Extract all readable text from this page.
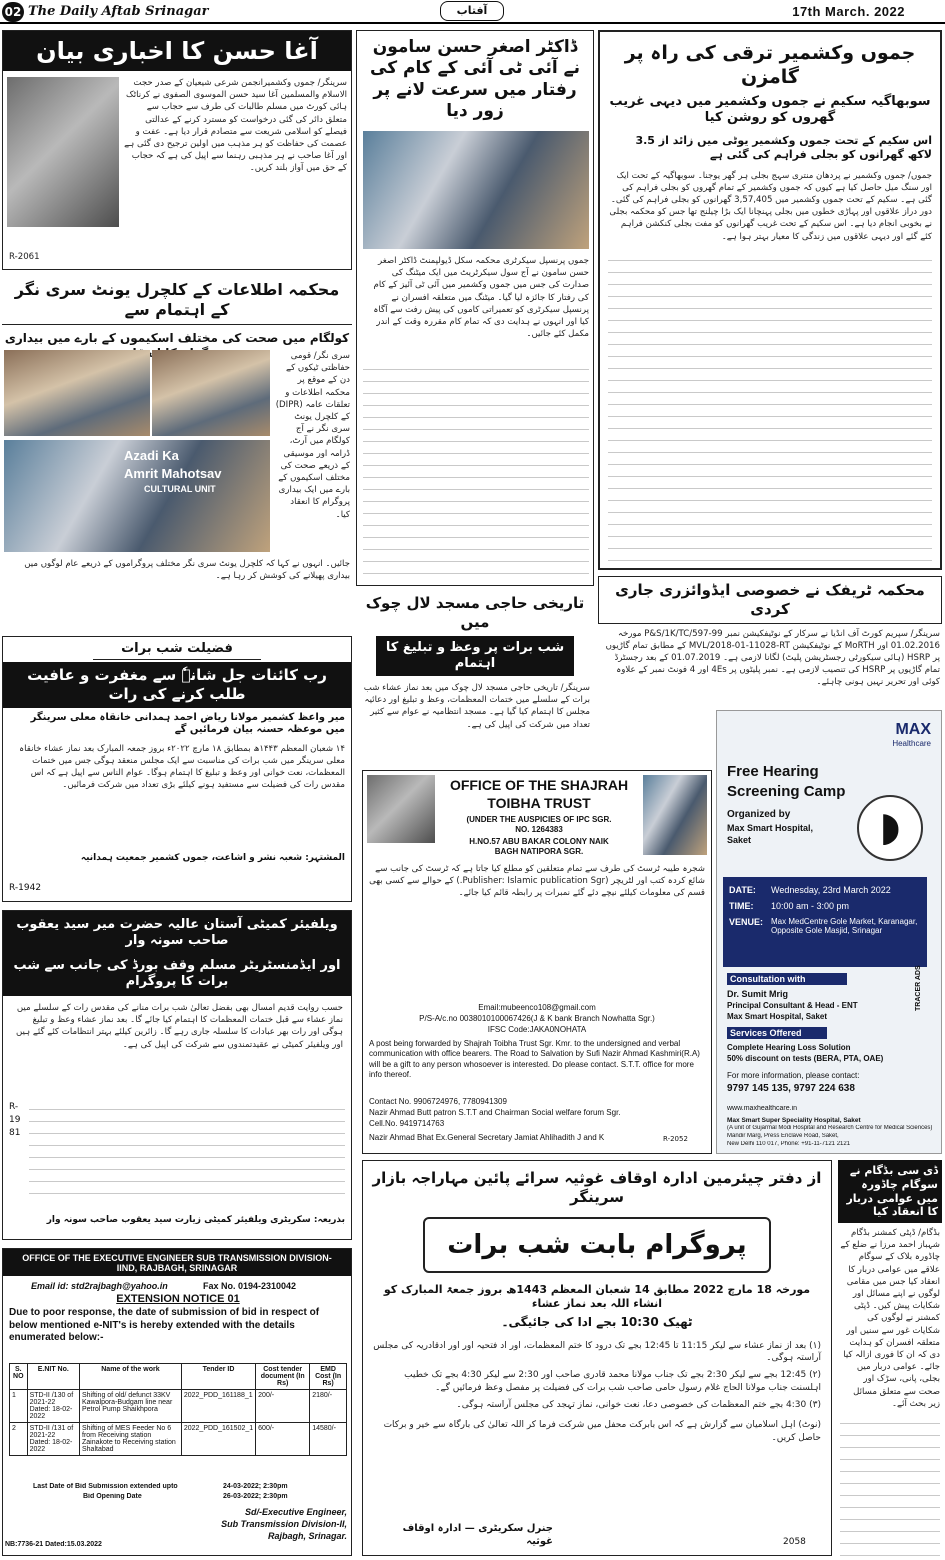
02 The Daily Aftab Srinagar	آفتاب	17th March. 2022
آغا حسن کا اخباری بیان
سرینگر/ جموں وکشمیرانجمن شرعی شیعیان کے صدر حجت الاسلام والمسلمین آغا سید حسن الموسوی الصفوی نے کرناٹک ہائی کورٹ میں مسلم طالبات کی طرف سے حجاب سے متعلق دائر کی گئی درخواست کو مسترد کرنے کے عدالتی فیصلے کو اسلامی شریعت سے متصادم قرار دیا ہے۔ عفت و عصمت کی حفاظت کو ہر مذہب میں اولین ترجیح دی گئی ہے اور آغا صاحب نے ہر مذہبی رہنما سے اپیل کی ہے کہ حجاب کے حق میں آواز بلند کریں۔
R-2061
ڈاکٹر اصغر حسن سامون نے آئی ٹی آئی کے کام کی رفتار میں سرعت لانے پر زور دیا
جموں پرنسپل سیکرٹری محکمہ سکل ڈیولپمنٹ ڈاکٹر اصغر حسن سامون نے آج سول سیکرٹریٹ میں ایک میٹنگ کی صدارت کی جس میں جموں وکشمیر میں آئی ٹی آئیز کے کام کی رفتار کا جائزہ لیا گیا۔ میٹنگ میں متعلقہ افسران نے پرنسپل سیکرٹری کو تعمیراتی کاموں کی پیش رفت سے آگاہ کیا اور انہوں نے ہدایت دی کہ تمام کام مقررہ وقت کے اندر مکمل کئے جائیں۔
جموں وکشمیر ترقی کی راہ پر گامزن
سوبھاگیہ سکیم نے جموں وکشمیر میں دیہی غریب گھروں کو روشن کیا
اس سکیم کے تحت جموں وکشمیر یوٹی میں زائد از 3.5 لاکھ گھرانوں کو بجلی فراہم کی گئی ہے
جموں/ جموں وکشمیر نے پردھان منتری سہج بجلی ہر گھر یوجنا۔ سوبھاگیہ کے تحت ایک اور سنگ میل حاصل کیا ہے کیوں کہ جموں وکشمیر کے تمام گھروں کو بجلی فراہم کی گئی ہے۔ سکیم کے تحت جموں وکشمیر میں 3,57,405 گھرانوں کو بجلی فراہم کی گئی۔ دور دراز علاقوں اور پہاڑی خطوں میں بجلی پہنچانا ایک بڑا چیلنج تھا جس کو محکمہ بجلی نے بخوبی انجام دیا ہے۔ اس سکیم کے تحت غریب گھرانوں کو مفت بجلی کنکشن فراہم کئے گئے اور دیہی علاقوں میں زندگی کا معیار بہتر ہوا ہے۔
محکمہ اطلاعات کے کلچرل یونٹ سری نگر کے اہتمام سے
کولگام میں صحت کی مختلف اسکیموں کے بارے میں بیداری
Azadi Ka
Amrit Mahotsav
CULTURAL UNIT
سری نگر/ قومی حفاظتی ٹیکوں کے دن کے موقع پر محکمہ اطلاعات و تعلقات عامہ (DIPR) کے کلچرل یونٹ سری نگر نے آج کولگام میں آرٹ، ڈرامہ اور موسیقی کے ذریعے صحت کی مختلف اسکیموں کے بارے میں ایک بیداری پروگرام کا انعقاد کیا۔
جائیں۔ انہوں نے کہا کہ کلچرل یونٹ سری نگر مختلف پروگراموں کے ذریعے عام لوگوں میں بیداری پھیلانے کی کوشش کر رہا ہے۔
محکمہ ٹریفک نے خصوصی ایڈوائزری جاری کردی
سرینگر/ سپریم کورٹ آف انڈیا نے سرکار کے نوٹیفکیشن نمبر 99-597/P&S/1K/TC مورخہ 01.02.2016 اور MoRTH کے نوٹیفکیشن MVL/2018-01-11028-RT کے مطابق تمام گاڑیوں پر HSRP (ہائی سیکورٹی رجسٹریشن پلیٹ) لگانا لازمی ہے۔ 01.07.2019 کے بعد رجسٹرڈ تمام گاڑیوں پر HSRP کی تنصیب لازمی ہے۔ نمبر پلیٹوں پر 4Es اور 4 فونٹ نمبر کے علاوہ کوئی اور تحریر نہیں ہونی چاہئے۔
تاریخی حاجی مسجد لال چوک میں
شب برات پر وعظ و تبلیغ کا اہتمام
سرینگر/ تاریخی حاجی مسجد لال چوک میں بعد نماز عشاء شب برات کے سلسلے میں ختمات المعظمات، وعظ و تبلیغ اور دعائیہ مجلس کا اہتمام کیا گیا ہے۔ مسجد انتظامیہ نے عوام سے کثیر تعداد میں شرکت کی اپیل کی ہے۔
فضیلت شب برات
رب کائنات جل شانہٗ سے مغفرت و عافیت طلب کرنے کی رات
میر واعظ کشمیر مولانا ریاض احمد ہمدانی خانقاہ معلی سرینگر میں موعظہ حسنہ بیان فرمائیں گے
۱۴ شعبان المعظم ۱۴۴۳ھ بمطابق ۱۸ مارچ ۲۰۲۲ء بروز جمعہ المبارک بعد نماز عشاء خانقاہ معلی سرینگر میں شب برات کی مناسبت سے ایک مجلس منعقد ہوگی جس میں ختمات المعظمات، نعت خوانی اور وعظ و تبلیغ کا اہتمام ہوگا۔ عوام الناس سے اپیل ہے کہ اس مقدس رات کی فضیلت سے مستفید ہونے کیلئے بڑی تعداد میں شرکت فرمائیں۔
المشتہر: شعبہ نشر و اشاعت، جموں کشمیر جمعیت ہمدانیہ
R-1942
MAX
Healthcare
Free Hearing
Screening Camp
Organized by
Max Smart Hospital,
Saket	◗
DATE:	Wednesday, 23rd March 2022
TIME:	10:00 am - 3:00 pm
VENUE: Max MedCentre Gole Market, Karanagar, Opposite Gole Masjid, Srinagar
Consultation with
Dr. Sumit Mrig
Principal Consultant & Head - ENT
Max Smart Hospital, Saket
Services Offered
Complete Hearing Loss Solution
50% discount on tests (BERA, PTA, OAE)
For more information, please contact:
9797 145 135, 9797 224 638
www.maxhealthcare.in
Max Smart Super Speciality Hospital, Saket
(A unit of Gujarmal Modi Hospital and Research Centre for Medical Sciences)
Mandir Marg, Press Enclave Road, Saket,
New Delhi 110 017, Phone: +91-11-7121 2121
TRACER ADS
OFFICE OF THE SHAJRAH
TOIBHA TRUST
(UNDER THE AUSPICIES OF IPC SGR.
NO. 1264383
H.NO.57 ABU BAKAR COLONY NAIK
BAGH NATIPORA SGR.
شجرہ طیبہ ٹرسٹ کی طرف سے تمام متعلقین کو مطلع کیا جاتا ہے کہ ٹرسٹ کی جانب سے شائع کردہ کتب اور لٹریچر (Publisher: Islamic publication Sgr.) کے حوالے سے کسی بھی قسم کی معلومات کیلئے نیچے دئے گئے نمبرات پر رابطہ قائم کیا جائے۔
Email:mubeenco108@gmail.com
P/S-A/c.no 0038010100067426(J & K bank Branch Nowhatta Sgr.)
IFSC Code:JAKA0NOHATA
A post being forwarded by Shajrah Toibha Trust Sgr. Kmr. to the undersigned and verbal communication with office bearers. The Road to Salvation by Sufi Nazir Ahmad Kashmiri(R.A) will be a gift to any person whosoever is interested. Do please contact. S.T.T. office for more info thereof.
Contact No. 9906724976, 7780941309
Nazir Ahmad Butt patron S.T.T and Chairman Social welfare forum Sgr.
Cell.No. 9419714763
Nazir Ahmad Bhat Ex.General Secretary Jamiat Ahlihadith J and K	R-2052
ویلفیئر کمیٹی آستان عالیہ حضرت میر سید یعقوب صاحب سونہ وار
اور ایڈمنسٹریٹر مسلم وقف بورڈ کی جانب سے شب برات کا پروگرام
حسب روایت قدیم امسال بھی بفضل تعالیٰ شب برات منانے کی مقدس رات کے سلسلے میں نماز عشاء سے قبل ختمات المعظمات کا اہتمام کیا جائے گا۔ بعد نماز عشاء وعظ و تبلیغ ہوگی اور رات بھر عبادات کا سلسلہ جاری رہے گا۔ زائرین کیلئے بہتر انتظامات کئے گئے ہیں اور ویلفیئر کمیٹی نے عقیدتمندوں سے شرکت کی اپیل کی ہے۔
بذریعہ: سکریٹری ویلفیئر کمیٹی زیارت سید یعقوب صاحب سونہ وار
R-1981
OFFICE OF THE EXECUTIVE ENGINEER SUB TRANSMISSION DIVISION-
IIND, RAJBAGH, SRINAGAR
Email id: std2rajbagh@yahoo.in	Fax No. 0194-2310042
EXTENSION NOTICE 01
Due to poor response, the date of submission of bid in respect of below mentioned e-NIT's is hereby extended with the details enumerated below:-
S. NO	E.NIT No.	Name of the work	Tender ID	Cost tender document (In Rs)	EMD Cost (In Rs)
1	STD-II /130 of 2021-22 Dated: 18-02-2022	Shifting of old/ defunct 33KV Kawalpora-Budgam line near Petrol Pump Shaikhpora	2022_PDD_161188_1	200/-	2180/-
2	STD-II /131 of 2021-22 Dated: 18-02-2022	Shifting of MES Feeder No 6 from Receiving station Zainakote to Receiving station Shaltabad	2022_PDD_161502_1	600/-	14580/-
Last Date of Bid Submission extended upto	24-03-2022; 2:30pm
Bid Opening Date	26-03-2022; 2:30pm
Sd/-Executive Engineer,
Sub Transmission Division-II,
Rajbagh, Srinagar.
NB:7736-21 Dated:15.03.2022
از دفتر چیئرمین ادارہ اوقاف غوثیہ سرائے پائین مہاراجہ بازار سرینگر
پروگرام بابت شب برات
مورخہ 18 مارچ 2022 مطابق 14 شعبان المعظم 1443ھ بروز جمعۃ المبارک کو انشاء اللہ بعد نماز عشاء
ٹھیک 10:30 بجے ادا کی جائیگی۔
(۱) بعد از نماز عشاء سے لیکر 11:15 تا 12:45 بجے تک درود کا ختم المعظمات، اور اد فتحیہ اور اور ادقادریہ کی مجلس آراستہ ہوگی۔
(۲) 12:45 بجے سے لیکر 2:30 بجے تک جناب مولانا محمد قادری صاحب اور 2:30 سے لیکر 4:30 بجے تک خطیب اہلسنت جناب مولانا الحاج غلام رسول حامی صاحب شب برات کی فضیلت پر مفصل وعظ فرمائیں گے۔
(۳) 4:30 بجے ختم المعظمات کی خصوصی دعا، نعت خوانی، نماز تہجد کی مجلس آراستہ ہوگی۔
(نوٹ) اہل اسلامیان سے گزارش ہے کہ اس بابرکت محفل میں شرکت فرما کر اللہ تعالیٰ کی بارگاہ سے خیر و برکات حاصل کریں۔
جنرل سکریٹری — ادارہ اوقاف غوثیہ	2058
ڈی سی بڈگام نے سوگام چاڈورہ میں عوامی دربار کا انعقاد کیا
بڈگام/ ڈپٹی کمشنر بڈگام شہباز احمد مرزا نے ضلع کے چاڈورہ بلاک کے سوگام علاقے میں عوامی دربار کا انعقاد کیا جس میں مقامی لوگوں نے اپنے مسائل اور شکایات پیش کیں۔ ڈپٹی کمشنر نے لوگوں کی شکایات غور سے سنیں اور متعلقہ افسران کو ہدایت دی کہ ان کا فوری ازالہ کیا جائے۔ عوامی دربار میں بجلی، پانی، سڑک اور صحت سے متعلق مسائل زیر بحث آئے۔
